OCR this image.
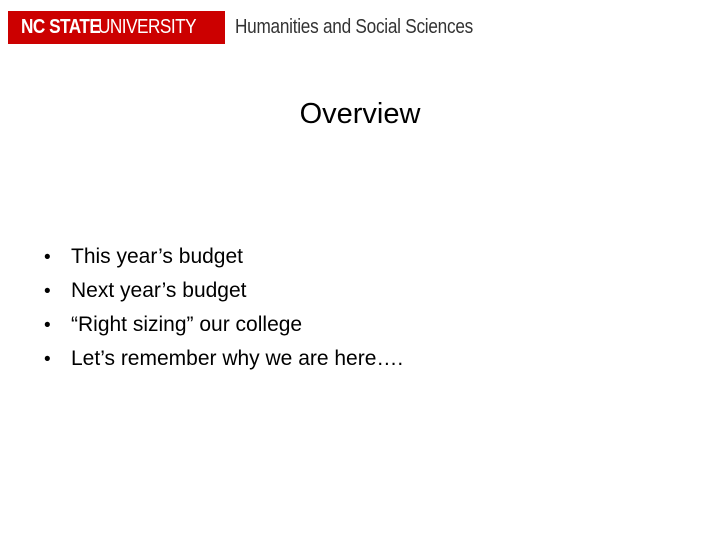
NC STATE
UNIVERSITY Humanities and Social Sciences
Overview
• This year’s budget
• Next year’s budget
• “Right sizing” our college
• Let’s remember why we are here….
